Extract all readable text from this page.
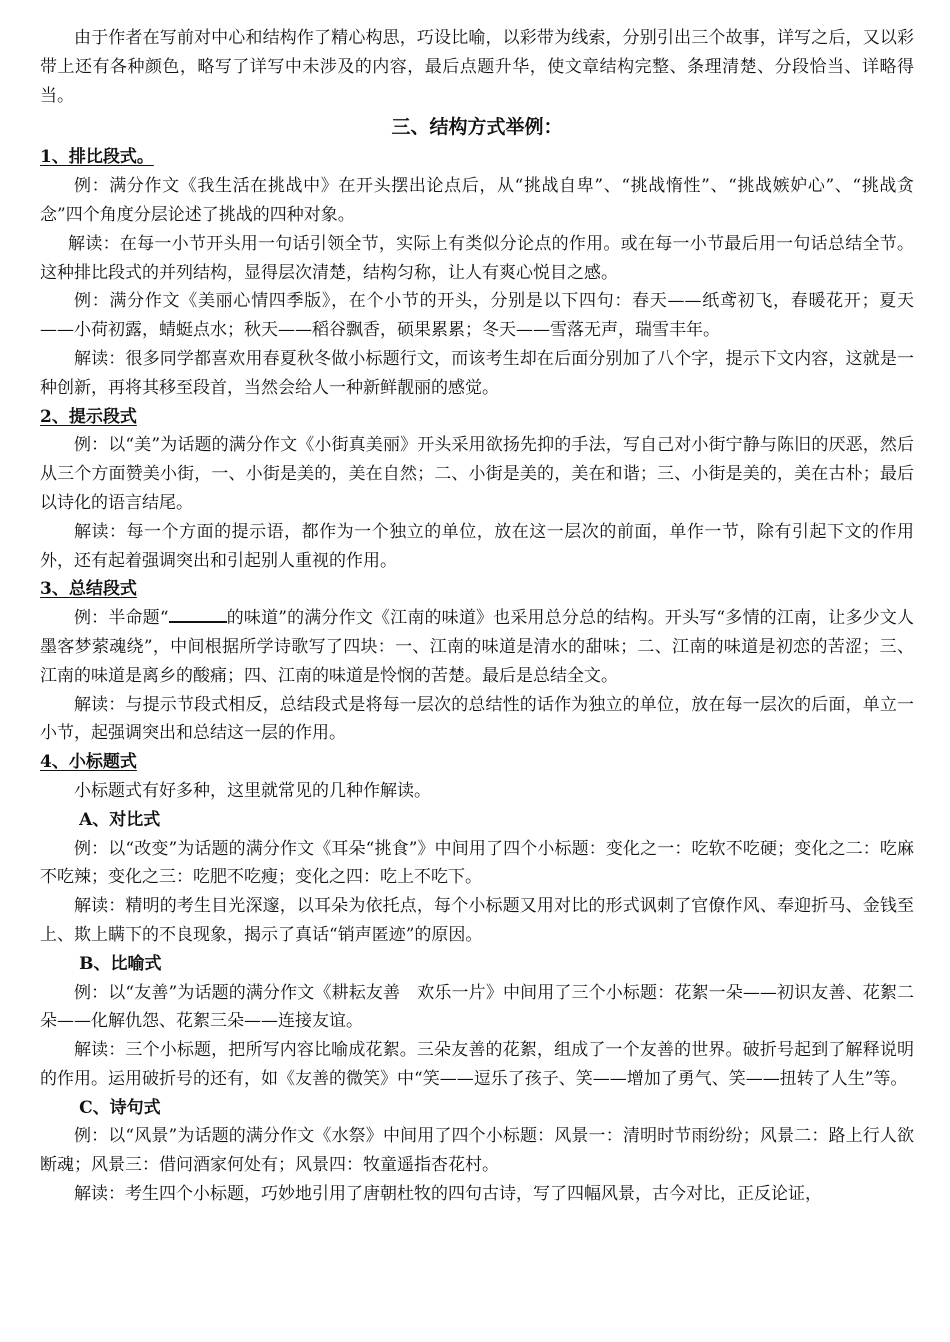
由于作者在写前对中心和结构作了精心构思，巧设比喻，以彩带为线索，分别引出三个故事，详写之后，又以彩带上还有各种颜色，略写了详写中未涉及的内容，最后点题升华，使文章结构完整、条理清楚、分段恰当、详略得当。

三、结构方式举例：

1、排比段式。

例：满分作文《我生活在挑战中》在开头摆出论点后，从“挑战自卑”、“挑战惰性”、“挑战嫉妒心”、“挑战贪念”四个角度分层论述了挑战的四种对象。

解读：在每一小节开头用一句话引领全节，实际上有类似分论点的作用。或在每一小节最后用一句话总结全节。这种排比段式的并列结构，显得层次清楚，结构匀称，让人有爽心悦目之感。

例：满分作文《美丽心情四季版》，在个小节的开头，分别是以下四句：春天——纸鸢初飞，春暖花开；夏天——小荷初露，蜻蜓点水；秋天——稻谷飘香，硕果累累；冬天——雪落无声，瑞雪丰年。

解读：很多同学都喜欢用春夏秋冬做小标题行文，而该考生却在后面分别加了八个字，提示下文内容，这就是一种创新，再将其移至段首，当然会给人一种新鲜靓丽的感觉。

2、提示段式

例：以“美”为话题的满分作文《小街真美丽》开头采用欲扬先抑的手法，写自己对小街宁静与陈旧的厌恶，然后从三个方面赞美小街，一、小街是美的，美在自然；二、小街是美的，美在和谐；三、小街是美的，美在古朴；最后以诗化的语言结尾。

解读：每一个方面的提示语，都作为一个独立的单位，放在这一层次的前面，单作一节，除有引起下文的作用外，还有起着强调突出和引起别人重视的作用。

3、总结段式

例：半命题“	的味道”的满分作文《江南的味道》也采用总分总的结构。开头写“多情的江南，让多少文人墨客梦萦魂绕”，中间根据所学诗歌写了四块：一、江南的味道是清水的甜味；二、江南的味道是初恋的苦涩；三、江南的味道是离乡的酸痛；四、江南的味道是怜悯的苦楚。最后是总结全文。

解读：与提示节段式相反，总结段式是将每一层次的总结性的话作为独立的单位，放在每一层次的后面，单立一小节，起强调突出和总结这一层的作用。

4、小标题式

小标题式有好多种，这里就常见的几种作解读。

A、对比式

例：以“改变”为话题的满分作文《耳朵“挑食”》中间用了四个小标题：变化之一：吃软不吃硬；变化之二：吃麻不吃辣；变化之三：吃肥不吃瘦；变化之四：吃上不吃下。

解读：精明的考生目光深邃，以耳朵为依托点，每个小标题又用对比的形式讽刺了官僚作风、奉迎折马、金钱至上、欺上瞒下的不良现象，揭示了真话“销声匿迹”的原因。

B、比喻式

例：以“友善”为话题的满分作文《耕耘友善　欢乐一片》中间用了三个小标题：花絮一朵——初识友善、花絮二朵——化解仇怨、花絮三朵——连接友谊。

解读：三个小标题，把所写内容比喻成花絮。三朵友善的花絮，组成了一个友善的世界。破折号起到了解释说明的作用。运用破折号的还有，如《友善的微笑》中“笑——逗乐了孩子、笑——增加了勇气、笑——扭转了人生”等。

C、诗句式

例：以“风景”为话题的满分作文《水祭》中间用了四个小标题：风景一：清明时节雨纷纷；风景二：路上行人欲断魂；风景三：借问酒家何处有；风景四：牧童遥指杏花村。

解读：考生四个小标题，巧妙地引用了唐朝杜牧的四句古诗，写了四幅风景，古今对比，正反论证，
